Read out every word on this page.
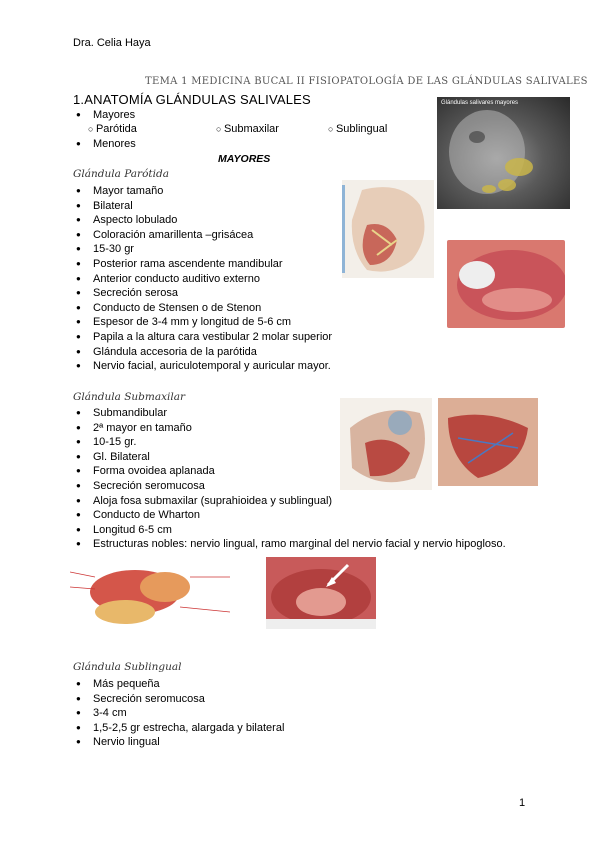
Dra. Celia Haya
TEMA 1 MEDICINA BUCAL II FISIOPATOLOGÍA DE LAS GLÁNDULAS SALIVALES
1.ANATOMÍA GLÁNDULAS SALIVALES
● Mayores
○ Parótida	○ Submaxilar	○ Sublingual
● Menores
MAYORES
Glándula Parótida
● Mayor tamaño
● Bilateral
● Aspecto lobulado
● Coloración amarillenta –grisácea
● 15-30 gr
● Posterior rama ascendente mandibular
● Anterior conducto auditivo externo
● Secreción serosa
● Conducto de Stensen o de Stenon
● Espesor de 3-4 mm y longitud de 5-6 cm
● Papila a la altura cara vestibular 2 molar superior
● Glándula accesoria de la parótida
● Nervio facial, auriculotemporal y auricular mayor.
Glándula Submaxilar
● Submandibular
● 2ª mayor en tamaño
● 10-15 gr.
● Gl. Bilateral
● Forma ovoidea aplanada
● Secreción seromucosa
● Aloja fosa submaxilar (suprahioidea y sublingual)
● Conducto de Wharton
● Longitud 6-5 cm
● Estructuras nobles: nervio lingual, ramo marginal del nervio facial y nervio hipogloso.
Glándula Sublingual
● Más pequeña
● Secreción seromucosa
● 3-4 cm
● 1,5-2,5 gr estrecha, alargada y bilateral
● Nervio lingual
1
Glándulas salivares mayores
